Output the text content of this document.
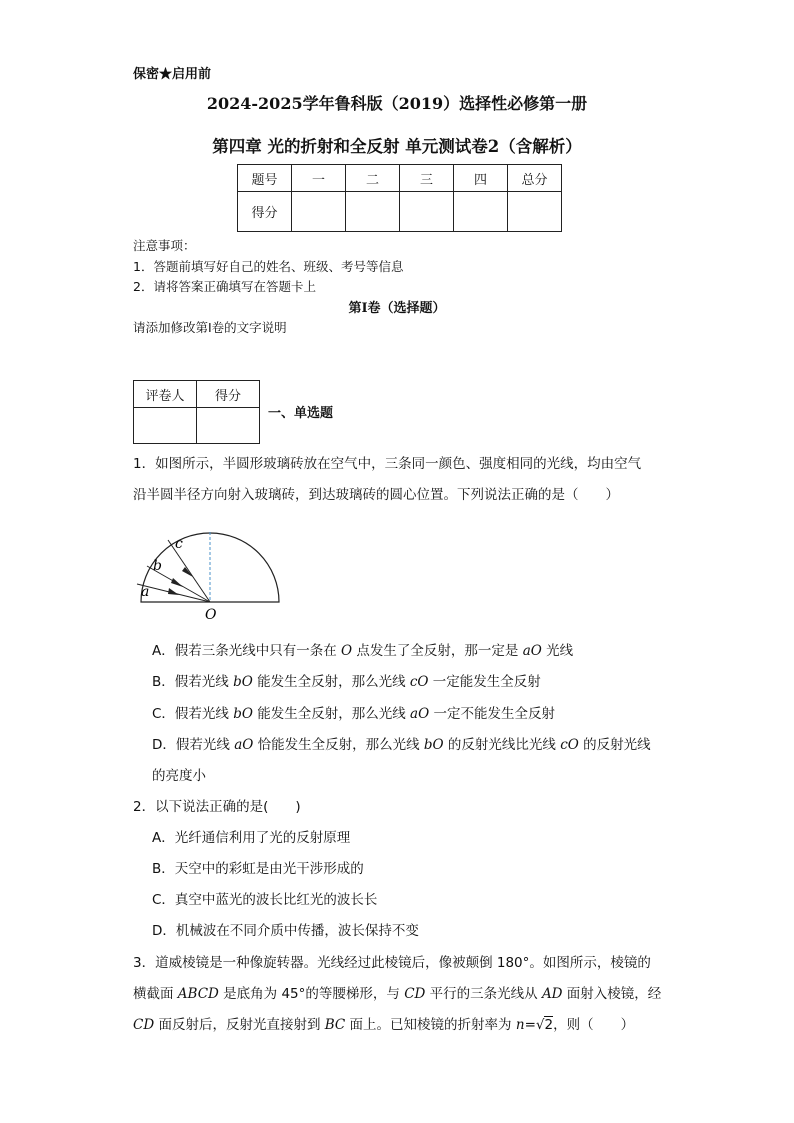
保密★启用前
2024-2025学年鲁科版（2019）选择性必修第一册
第四章 光的折射和全反射 单元测试卷2（含解析）
题号	一	二	三	四	总分
得分					
注意事项：
1．答题前填写好自己的姓名、班级、考号等信息
2．请将答案正确填写在答题卡上
第I卷（选择题）
请添加修改第I卷的文字说明
评卷人	得分

一、单选题
1．如图所示，半圆形玻璃砖放在空气中，三条同一颜色、强度相同的光线，均由空气
沿半圆半径方向射入玻璃砖，到达玻璃砖的圆心位置。下列说法正确的是（　　）
a
b
c
O
A．假若三条光线中只有一条在 O 点发生了全反射，那一定是 aO 光线
B．假若光线 bO 能发生全反射，那么光线 cO 一定能发生全反射
C．假若光线 bO 能发生全反射，那么光线 aO 一定不能发生全反射
D．假若光线 aO 恰能发生全反射，那么光线 bO 的反射光线比光线 cO 的反射光线
的亮度小
2．以下说法正确的是(　　)
A．光纤通信利用了光的反射原理
B．天空中的彩虹是由光干涉形成的
C．真空中蓝光的波长比红光的波长长
D．机械波在不同介质中传播，波长保持不变
3．道威棱镜是一种像旋转器。光线经过此棱镜后，像被颠倒 180°。如图所示，棱镜的
横截面 ABCD 是底角为 45°的等腰梯形，与 CD 平行的三条光线从 AD 面射入棱镜，经
CD 面反射后，反射光直接射到 BC 面上。已知棱镜的折射率为 n=√2，则（　　）
